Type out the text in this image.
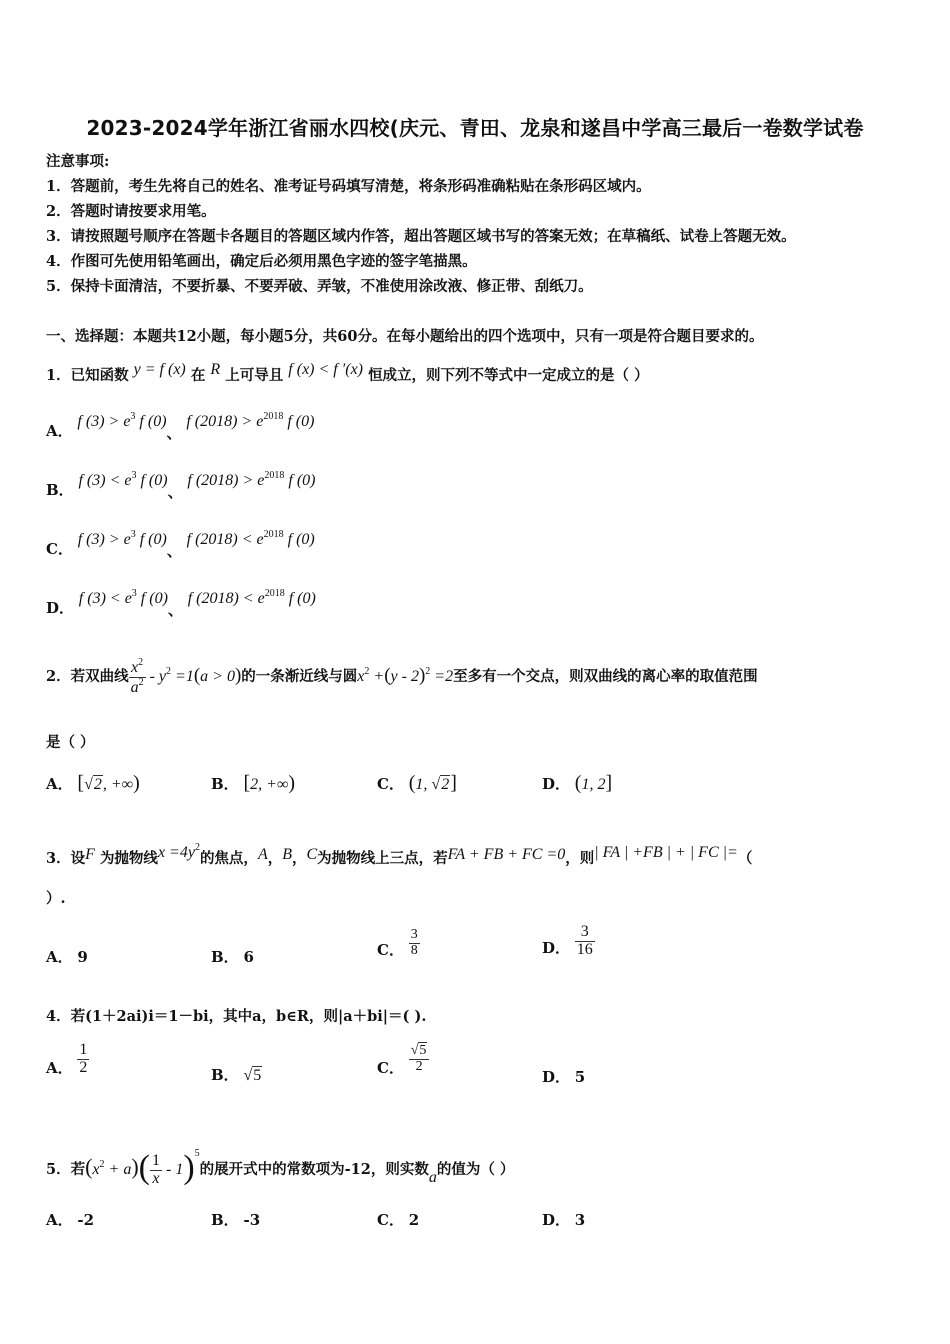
2023-2024学年浙江省丽水四校(庆元、青田、龙泉和遂昌中学高三最后一卷数学试卷
注意事项:
1．答题前，考生先将自己的姓名、准考证号码填写清楚，将条形码准确粘贴在条形码区域内。
2．答题时请按要求用笔。
3．请按照题号顺序在答题卡各题目的答题区域内作答，超出答题区域书写的答案无效；在草稿纸、试卷上答题无效。
4．作图可先使用铅笔画出，确定后必须用黑色字迹的签字笔描黑。
5．保持卡面清洁，不要折暴、不要弄破、弄皱，不准使用涂改液、修正带、刮纸刀。
一、选择题：本题共12小题，每小题5分，共60分。在每小题给出的四个选项中，只有一项是符合题目要求的。
1．已知函数 y = f (x) 在 R 上可导且 f (x) < f ′(x) 恒成立，则下列不等式中一定成立的是（ ）
A． f $(3) > e^3$ f (0)、 f $(2018) > e^{2018}$ f (0)
B． f $(3) < e^3$ f (0)、 f $(2018) > e^{2018}$ f (0)
C． f $(3) > e^3$ f (0)、 f $(2018) < e^{2018}$ f (0)
D． f $(3) < e^3$ f (0)、 f $(2018) < e^{2018}$ f (0)
2．若双曲线 $\frac{x^2}{a^2} - y^2 =1(a > 0)$的一条渐近线与圆$x^2 +(y - 2)^2 =2$至多有一个交点，则双曲线的离心率的取值范围
是（ ）
A． [√2, +∞)	B． [2, +∞)	C． (1, √2]	D． (1, 2]
3．设F 为抛物线$x =4y^2$的焦点，A，B，C为抛物线上三点，若FA + FB + FC =0，则| FA | +FB | + | FC |=（
）.
A． 9	B． 6	C． $\frac{3}{8}$	D． $\frac{3}{16}$
4．若(1＋2ai)i＝1－bi，其中a，b∈R，则|a＋bi|＝( ).
A． $\frac{1}{2}$	B． √5	C． $\frac{√5}{2}$
D． 5
5．若$(x^2 + a)( \frac{1}{x} - 1)^5$的展开式中的常数项为-12，则实数a的值为（ ）
A． -2	B． -3	C． 2	D． 3
